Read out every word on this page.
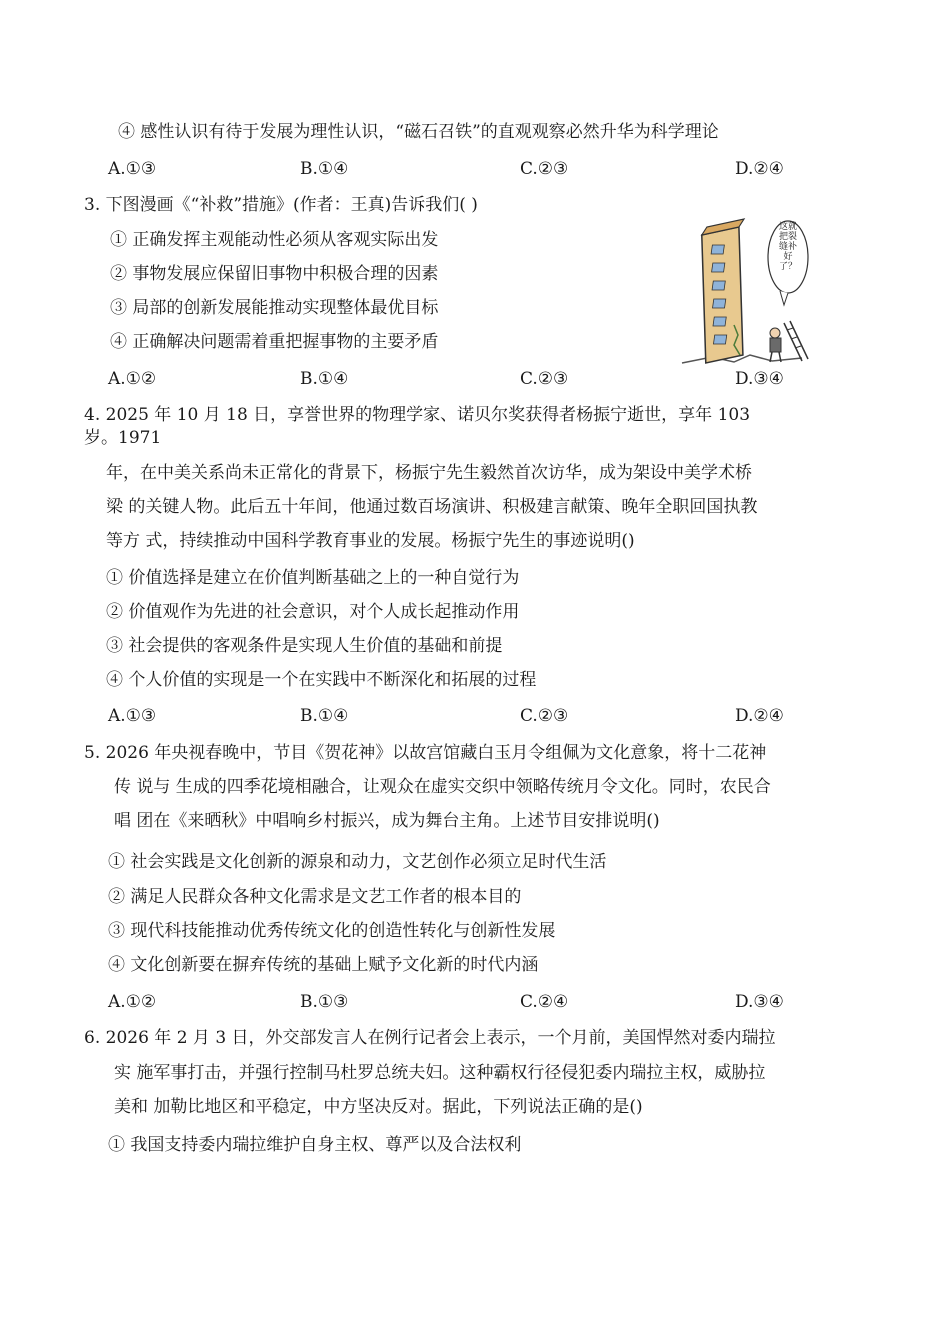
④ 感性认识有待于发展为理性认识，“磁石召铁”的直观观察必然升华为科学理论
A.①③	B.①④	C.②③	D.②④
3. 下图漫画《“补救”措施》(作者：王真)告诉我们( )
① 正确发挥主观能动性必须从客观实际出发
② 事物发展应保留旧事物中积极合理的因素
③ 局部的创新发展能推动实现整体最优目标
④ 正确解决问题需着重把握事物的主要矛盾
A.①②	B.①④	C.②③	D.③④
这就把裂缝补好了？
4. 2025 年 10 月 18 日，享誉世界的物理学家、诺贝尔奖获得者杨振宁逝世，享年 103
岁。1971
年，在中美关系尚未正常化的背景下，杨振宁先生毅然首次访华，成为架设中美学术桥
梁 的关键人物。此后五十年间，他通过数百场演讲、积极建言献策、晚年全职回国执教
等方 式，持续推动中国科学教育事业的发展。杨振宁先生的事迹说明()
① 价值选择是建立在价值判断基础之上的一种自觉行为
② 价值观作为先进的社会意识，对个人成长起推动作用
③ 社会提供的客观条件是实现人生价值的基础和前提
④ 个人价值的实现是一个在实践中不断深化和拓展的过程
A.①③	B.①④	C.②③	D.②④
5. 2026 年央视春晚中，节目《贺花神》以故宫馆藏白玉月令组佩为文化意象，将十二花神
传 说与 生成的四季花境相融合，让观众在虚实交织中领略传统月令文化。同时，农民合
唱 团在《来晒秋》中唱响乡村振兴，成为舞台主角。上述节目安排说明()
① 社会实践是文化创新的源泉和动力，文艺创作必须立足时代生活
② 满足人民群众各种文化需求是文艺工作者的根本目的
③ 现代科技能推动优秀传统文化的创造性转化与创新性发展
④ 文化创新要在摒弃传统的基础上赋予文化新的时代内涵
A.①②	B.①③	C.②④	D.③④
6. 2026 年 2 月 3 日，外交部发言人在例行记者会上表示，一个月前，美国悍然对委内瑞拉
实 施军事打击，并强行控制马杜罗总统夫妇。这种霸权行径侵犯委内瑞拉主权，威胁拉
美和 加勒比地区和平稳定，中方坚决反对。据此，下列说法正确的是()
① 我国支持委内瑞拉维护自身主权、尊严以及合法权利
